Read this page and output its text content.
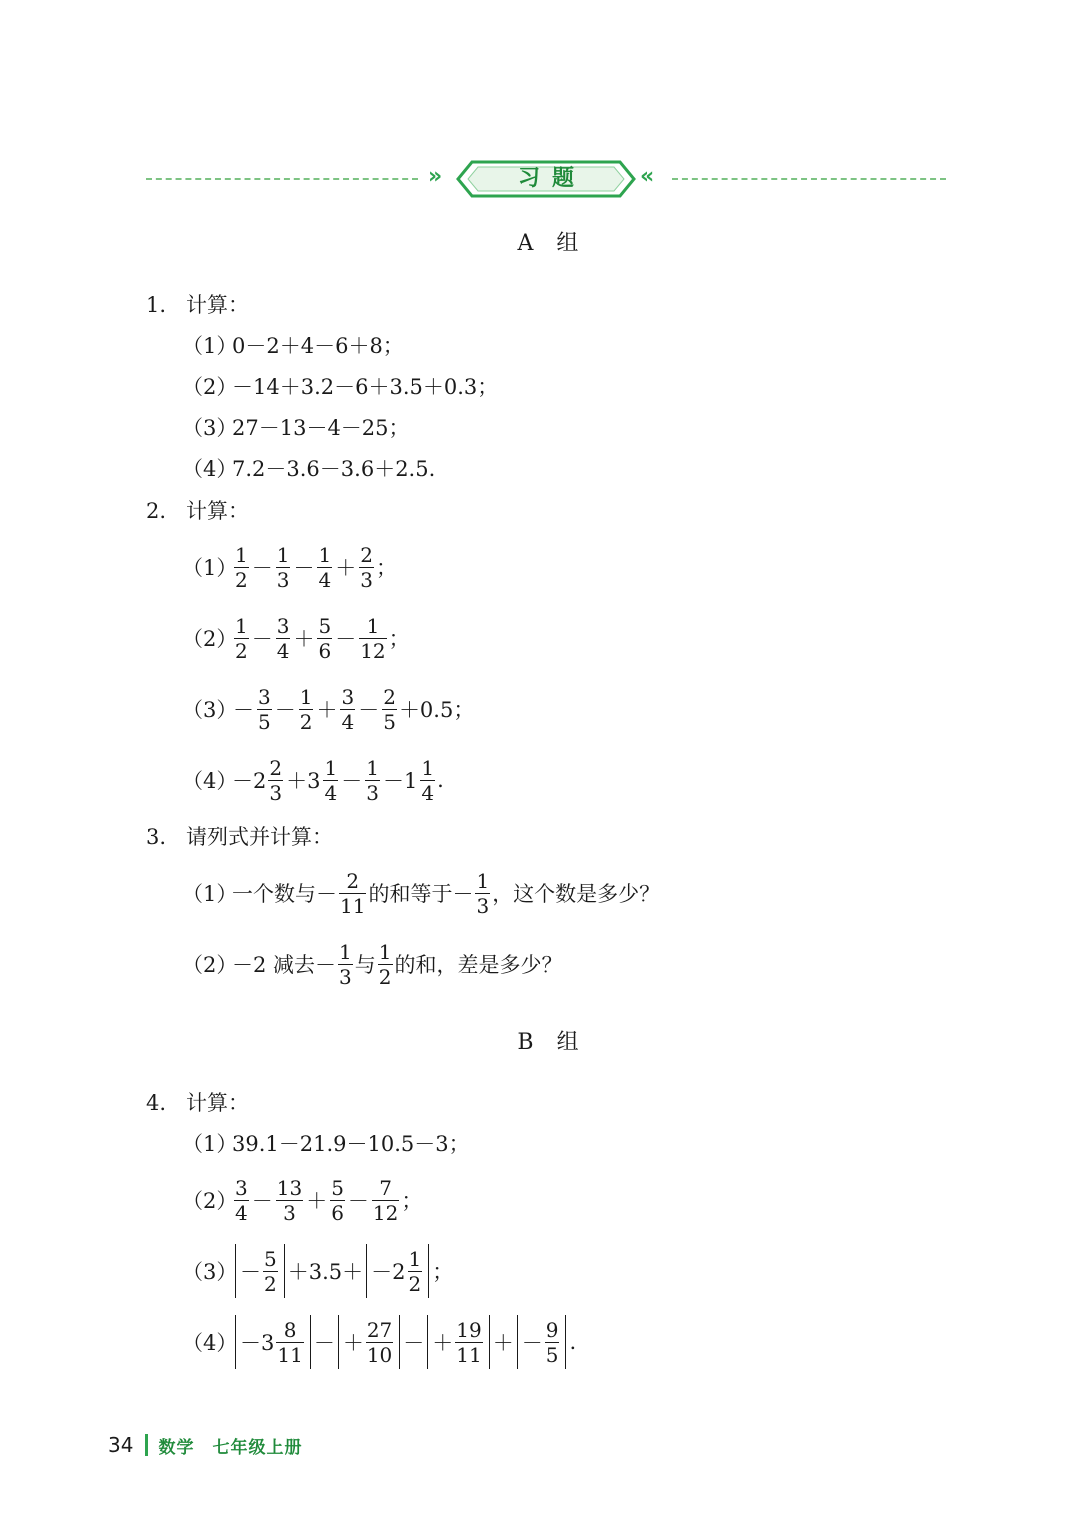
»	习题	«
A 组
1. 计算：
（1）
0－2＋4－6＋8；
（2）
－14＋3.2－6＋3.5＋0.3；
（3）
27－13－4－25；
（4）
7.2－3.6－3.6＋2.5.
2. 计算：
（1）
$\frac{1}{2} - \frac{1}{3} - \frac{1}{4} + \frac{2}{3}$ ；
（2）
$\frac{1}{2} - \frac{3}{4} + \frac{5}{6} - \frac{1}{12}$ ；
（3）
－ $\frac{3}{5} - \frac{1}{2} + \frac{3}{4} - \frac{2}{5} +0.5$；
（4）
$-2 \frac{2}{3} +3 \frac{1}{4} - \frac{1}{3} -1 \frac{1}{4}$ .
3. 请列式并计算：
（1）
一个数与－ $\frac{2}{11}$ 的和等于－ $\frac{1}{3}$ ，这个数是多少？
（2）
－2 减去－ $\frac{1}{3}$ 与 $\frac{1}{2}$ 的和，差是多少？
B 组
4. 计算：
（1）
39.1－21.9－10.5－3；
（2）
$\frac{3}{4} - \frac{13}{3} + \frac{5}{6} - \frac{7}{12}$ ；
$(3) - \frac{5}{2} +3.5+ -2 \frac{1}{2}$ ；
$(4) -3 \frac{8}{11}$ － ＋ $\frac{27}{10}$ － ＋ $\frac{19}{11}$ ＋ － $\frac{9}{5}$ .
34 数学　七年级上册
